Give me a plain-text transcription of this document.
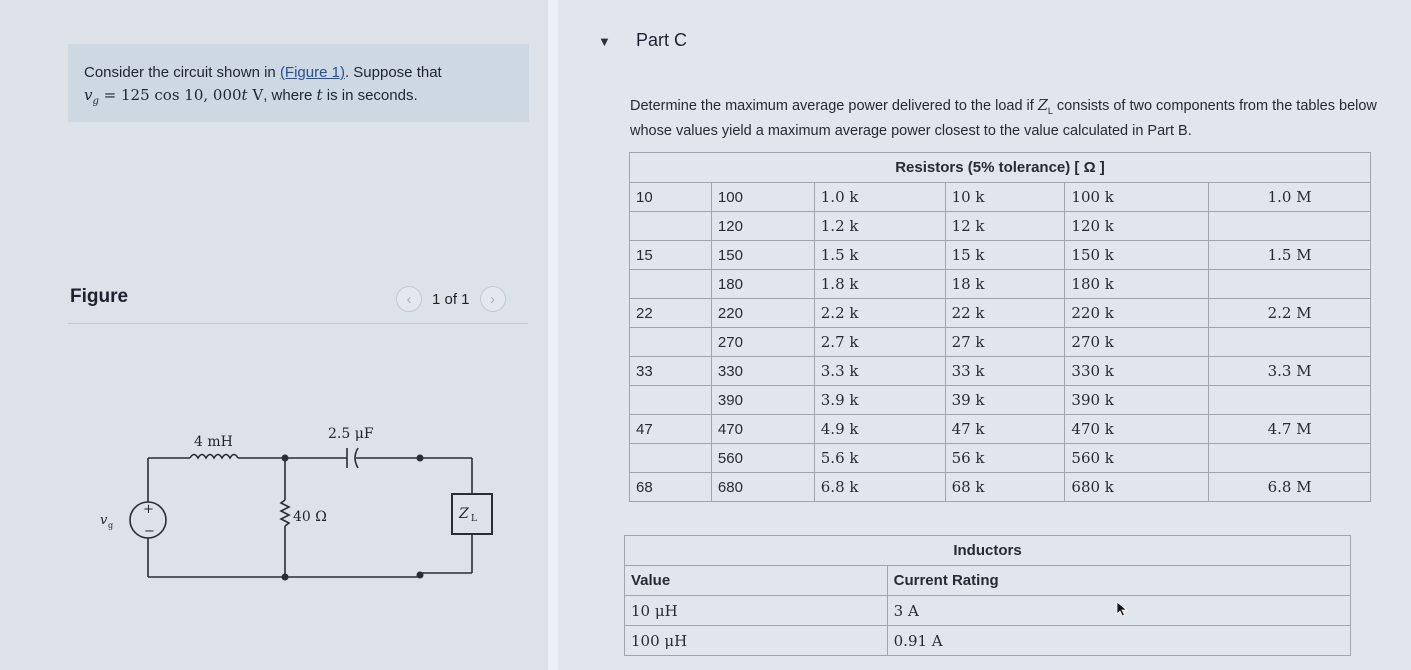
Consider the circuit shown in (Figure 1). Suppose that
$v_g = 125$ cos 10, 000t V, where t is in seconds.
Figure	‹ 1 of 1 ›
4 mH	2.5 μF
40 Ω	Z L
v g
+
−
▼ Part C
Determine the maximum average power delivered to the load if $Z_L$ consists of two components from the tables below whose values yield a maximum average power closest to the value calculated in Part B.
Resistors (5% tolerance) [ Ω ]					
10	100	1.0 k	10 k	100 k	1.0 M
	120	1.2 k	12 k	120 k	
15	150	1.5 k	15 k	150 k	1.5 M
	180	1.8 k	18 k	180 k	
22	220	2.2 k	22 k	220 k	2.2 M
	270	2.7 k	27 k	270 k	
33	330	3.3 k	33 k	330 k	3.3 M
	390	3.9 k	39 k	390 k	
47	470	4.9 k	47 k	470 k	4.7 M
	560	5.6 k	56 k	560 k	
68	680	6.8 k	68 k	680 k	6.8 M
Inductors	
Value	Current Rating
10 μH	3 A
100 μH	0.91 A
